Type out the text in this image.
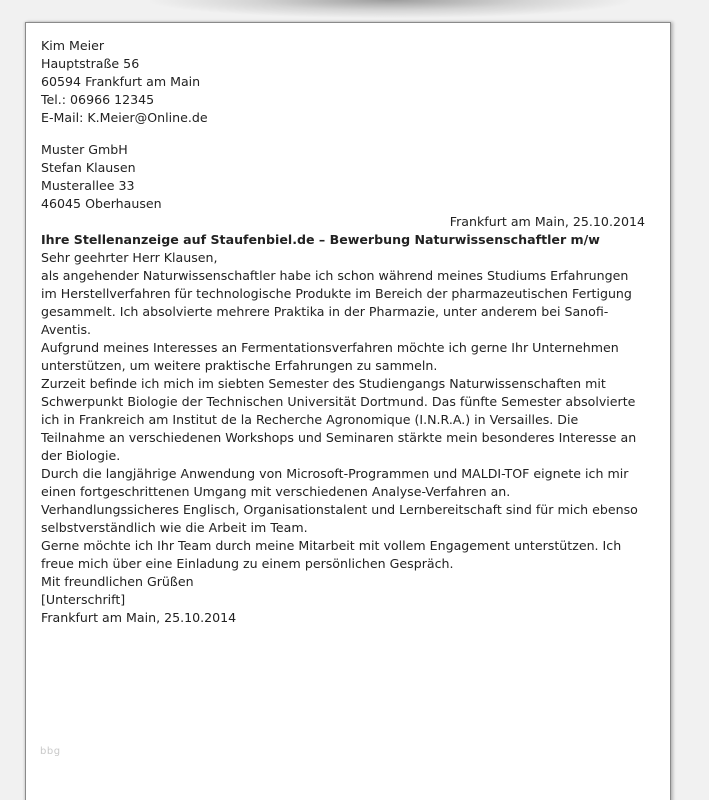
Kim Meier

Hauptstraße 56

60594 Frankfurt am Main

Tel.: 06966 12345

E-Mail: K.Meier@Online.de

Muster GmbH

Stefan Klausen

Musterallee 33

46045 Oberhausen

Frankfurt am Main, 25.10.2014

Ihre Stellenanzeige auf Staufenbiel.de – Bewerbung Naturwissenschaftler m/w

Sehr geehrter Herr Klausen,

als angehender Naturwissenschaftler habe ich schon während meines Studiums Erfahrungen im Herstellverfahren für technologische Produkte im Bereich der pharmazeutischen Fertigung gesammelt. Ich absolvierte mehrere Praktika in der Pharmazie, unter anderem bei Sanofi-Aventis.

Aufgrund meines Interesses an Fermentationsverfahren möchte ich gerne Ihr Unternehmen unterstützen, um weitere praktische Erfahrungen zu sammeln.

Zurzeit befinde ich mich im siebten Semester des Studiengangs Naturwissenschaften mit Schwerpunkt Biologie der Technischen Universität Dortmund. Das fünfte Semester absolvierte ich in Frankreich am Institut de la Recherche Agronomique (I.N.R.A.) in Versailles. Die Teilnahme an verschiedenen Workshops und Seminaren stärkte mein besonderes Interesse an der Biologie.

Durch die langjährige Anwendung von Microsoft-Programmen und MALDI-TOF eignete ich mir einen fortgeschrittenen Umgang mit verschiedenen Analyse-Verfahren an. Verhandlungssicheres Englisch, Organisationstalent und Lernbereitschaft sind für mich ebenso selbstverständlich wie die Arbeit im Team.

Gerne möchte ich Ihr Team durch meine Mitarbeit mit vollem Engagement unterstützen. Ich freue mich über eine Einladung zu einem persönlichen Gespräch.

Mit freundlichen Grüßen

[Unterschrift]

Frankfurt am Main, 25.10.2014

bbg
